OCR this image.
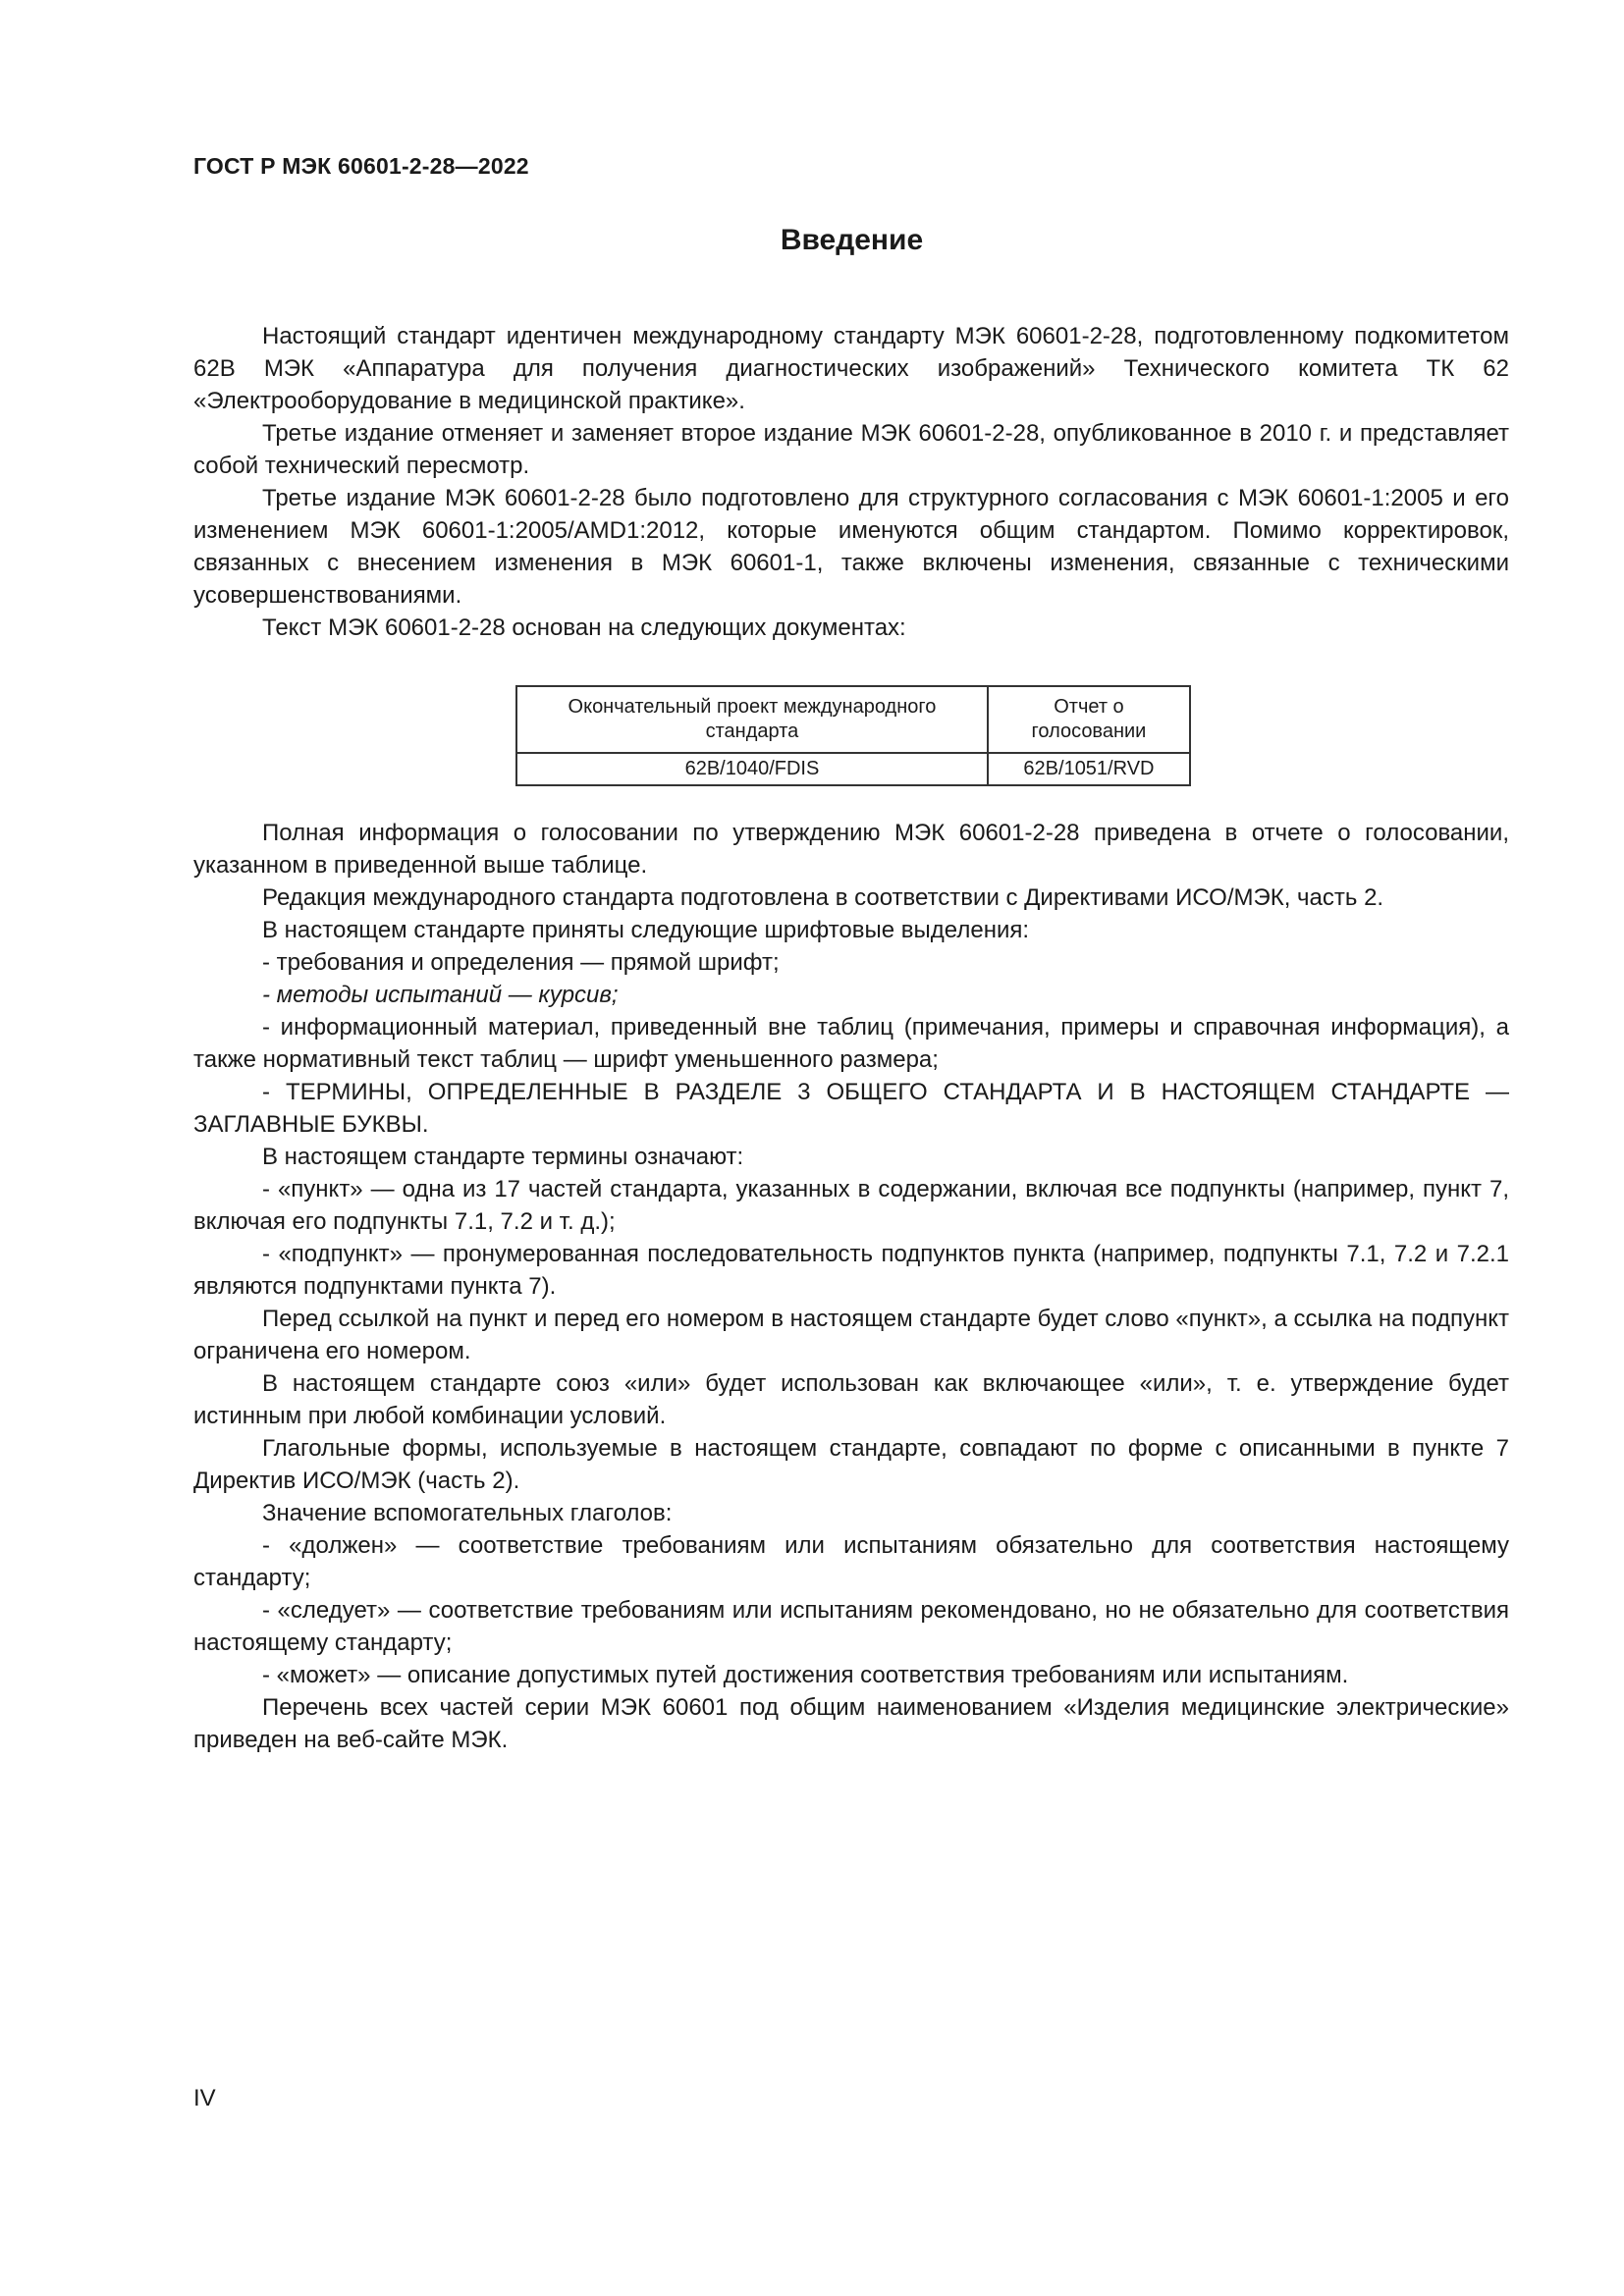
ГОСТ Р МЭК 60601-2-28—2022
Введение

Настоящий стандарт идентичен международному стандарту МЭК 60601-2-28, подготовленному подкомитетом 62В МЭК «Аппаратура для получения диагностических изображений» Технического комитета ТК 62 «Электрооборудование в медицинской практике».

Третье издание отменяет и заменяет второе издание МЭК 60601-2-28, опубликованное в 2010 г. и представляет собой технический пересмотр.

Третье издание МЭК 60601-2-28 было подготовлено для структурного согласования с МЭК 60601-1:2005 и его изменением МЭК 60601-1:2005/AMD1:2012, которые именуются общим стандартом. Помимо корректировок, связанных с внесением изменения в МЭК 60601-1, также включены изменения, связанные с техническими усовершенствованиями.

Текст МЭК 60601-2-28 основан на следующих документах:

Окончательный проект международного стандарта	Отчет о голосовании
62B/1040/FDIS	62B/1051/RVD

Полная информация о голосовании по утверждению МЭК 60601-2-28 приведена в отчете о голосовании, указанном в приведенной выше таблице.

Редакция международного стандарта подготовлена в соответствии с Директивами ИСО/МЭК, часть 2.

В настоящем стандарте приняты следующие шрифтовые выделения:

- требования и определения — прямой шрифт;

- методы испытаний — курсив;

- информационный материал, приведенный вне таблиц (примечания, примеры и справочная информация), а также нормативный текст таблиц — шрифт уменьшенного размера;

- ТЕРМИНЫ, ОПРЕДЕЛЕННЫЕ В РАЗДЕЛЕ 3 ОБЩЕГО СТАНДАРТА И В НАСТОЯЩЕМ СТАНДАРТЕ — ЗАГЛАВНЫЕ БУКВЫ.

В настоящем стандарте термины означают:

- «пункт» — одна из 17 частей стандарта, указанных в содержании, включая все подпункты (например, пункт 7, включая его подпункты 7.1, 7.2 и т. д.);

- «подпункт» — пронумерованная последовательность подпунктов пункта (например, подпункты 7.1, 7.2 и 7.2.1 являются подпунктами пункта 7).

Перед ссылкой на пункт и перед его номером в настоящем стандарте будет слово «пункт», а ссылка на подпункт ограничена его номером.

В настоящем стандарте союз «или» будет использован как включающее «или», т. е. утверждение будет истинным при любой комбинации условий.

Глагольные формы, используемые в настоящем стандарте, совпадают по форме с описанными в пункте 7 Директив ИСО/МЭК (часть 2).

Значение вспомогательных глаголов:

- «должен» — соответствие требованиям или испытаниям обязательно для соответствия настоящему стандарту;

- «следует» — соответствие требованиям или испытаниям рекомендовано, но не обязательно для соответствия настоящему стандарту;

- «может» — описание допустимых путей достижения соответствия требованиям или испытаниям.

Перечень всех частей серии МЭК 60601 под общим наименованием «Изделия медицинские электрические» приведен на веб-сайте МЭК.

IV
